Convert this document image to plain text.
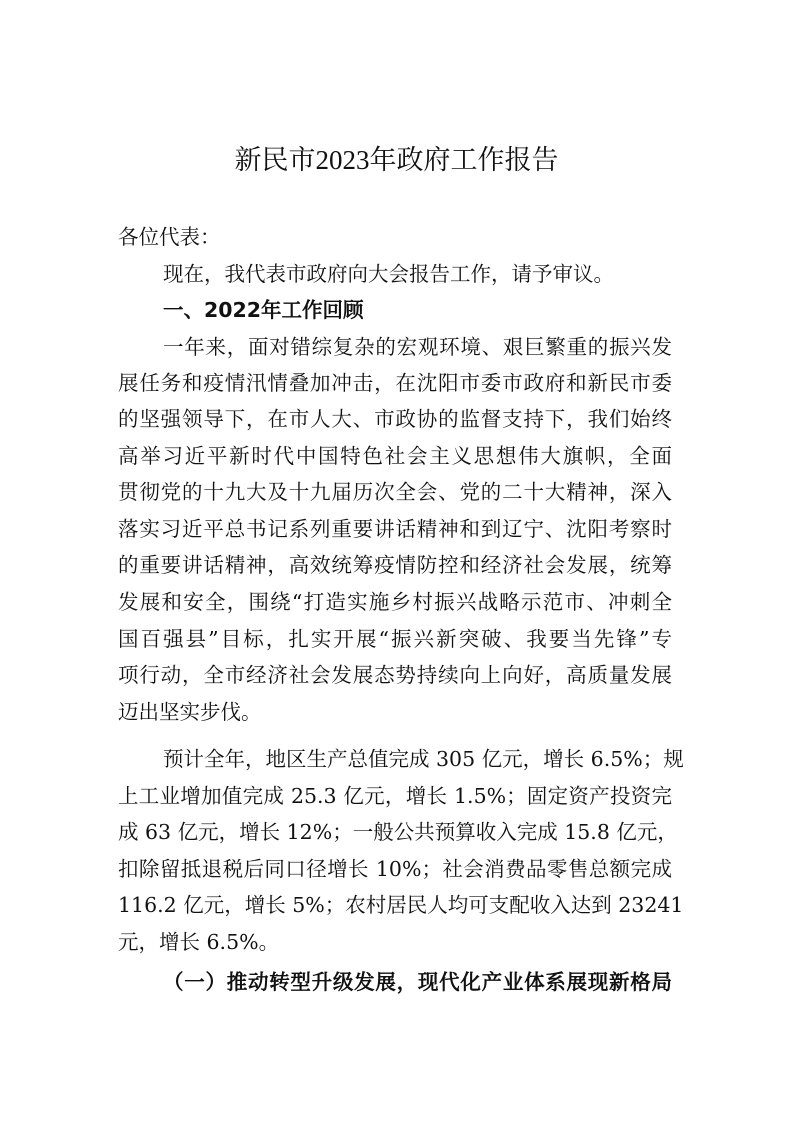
新民市2023年政府工作报告
各位代表：
现在，我代表市政府向大会报告工作，请予审议。
一、2022年工作回顾
一年来，面对错综复杂的宏观环境、艰巨繁重的振兴发
展任务和疫情汛情叠加冲击，在沈阳市委市政府和新民市委
的坚强领导下，在市人大、市政协的监督支持下，我们始终
高举习近平新时代中国特色社会主义思想伟大旗帜，全面
贯彻党的十九大及十九届历次全会、党的二十大精神，深入
落实习近平总书记系列重要讲话精神和到辽宁、沈阳考察时
的重要讲话精神，高效统筹疫情防控和经济社会发展，统筹
发展和安全，围绕“打造实施乡村振兴战略示范市、冲刺全
国百强县”目标，扎实开展“振兴新突破、我要当先锋”专
项行动，全市经济社会发展态势持续向上向好，高质量发展
迈出坚实步伐。
预计全年，地区生产总值完成 305 亿元，增长 6.5%；规
上工业增加值完成 25.3 亿元，增长 1.5%；固定资产投资完
成 63 亿元，增长 12%；一般公共预算收入完成 15.8 亿元，
扣除留抵退税后同口径增长 10%；社会消费品零售总额完成
116.2 亿元，增长 5%；农村居民人均可支配收入达到 23241
元，增长 6.5%。
（一）推动转型升级发展，现代化产业体系展现新格局
